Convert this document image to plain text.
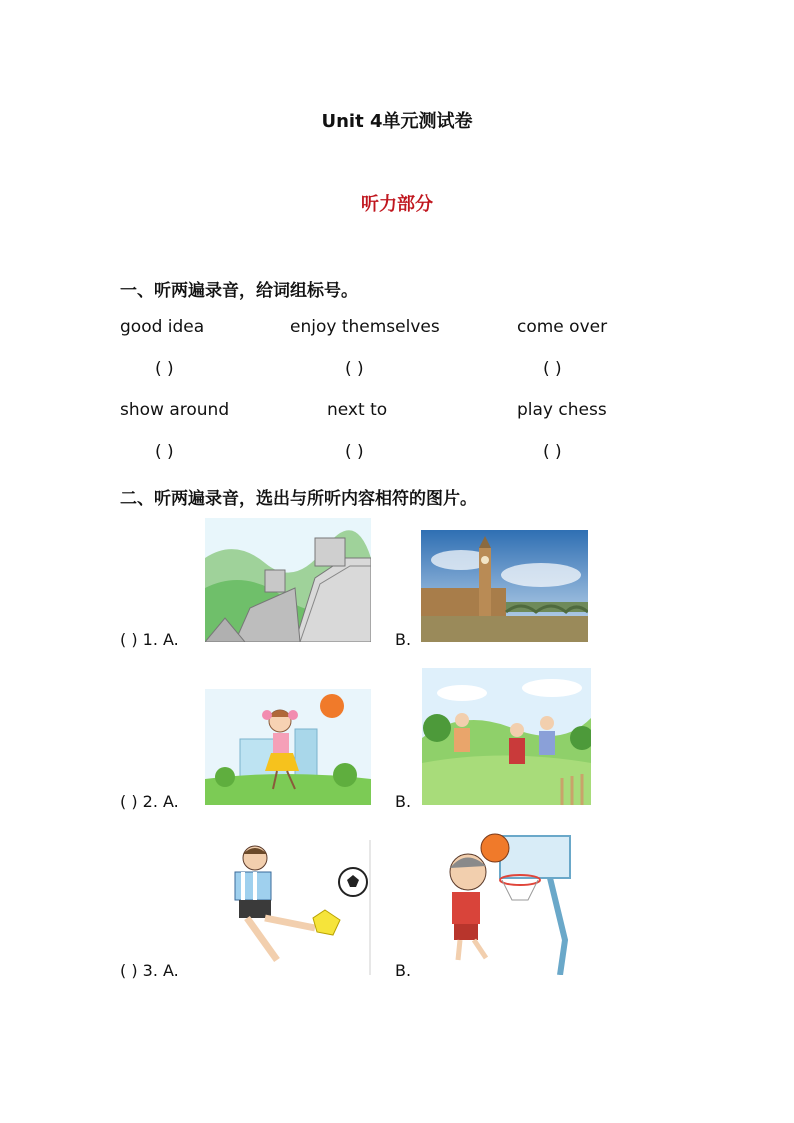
Unit 4单元测试卷
听力部分
一、听两遍录音，给词组标号。
good idea	enjoy themselves	come over
( )	( )	( )
show around	next to	play chess
( )	( )	( )
二、听两遍录音，选出与所听内容相符的图片。
( ) 1. A.	B.
( ) 2. A.	B.
( ) 3. A.	B.
